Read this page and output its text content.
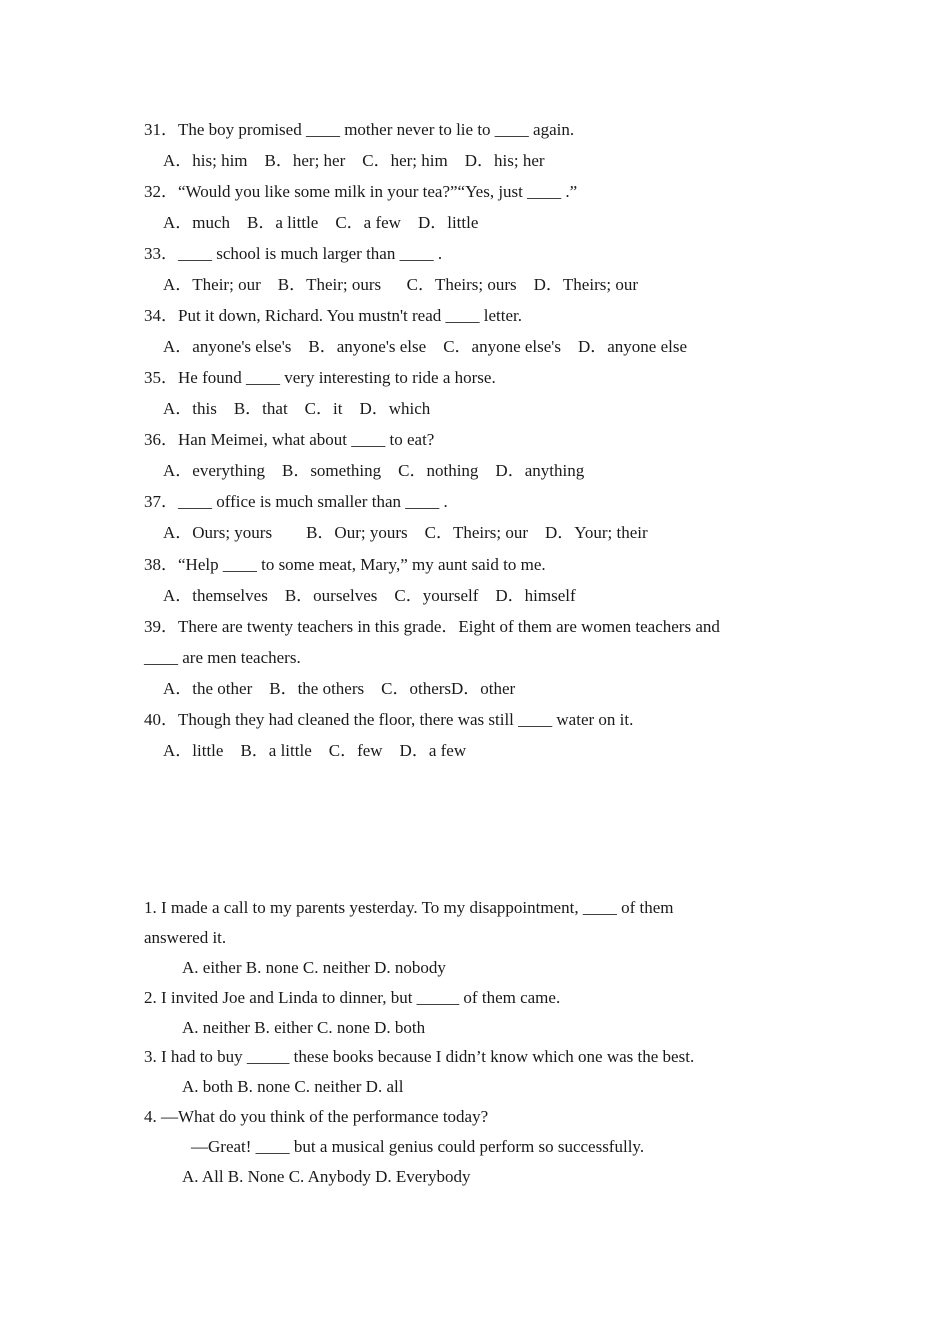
31．The boy promised ____ mother never to lie to ____ again.

A．his; him    B．her; her    C．her; him    D．his; her

32．“Would you like some milk in your tea?”“Yes, just ____ .”

A．much    B．a little    C．a few    D．little

33．____ school is much larger than ____ .

A．Their; our    B．Their; ours      C．Theirs; ours    D．Theirs; our

34．Put it down, Richard. You mustn't read ____ letter.

A．anyone's else's    B．anyone's else    C．anyone else's    D．anyone else

35．He found ____ very interesting to ride a horse.

A．this    B．that    C．it    D．which

36．Han Meimei, what about ____ to eat?

A．everything    B．something    C．nothing    D．anything

37．____ office is much smaller than ____ .

A．Ours; yours        B．Our; yours    C．Theirs; our    D．Your; their

38．“Help ____ to some meat, Mary,” my aunt said to me.

A．themselves    B．ourselves    C．yourself    D．himself

39．There are twenty teachers in this grade．Eight of them are women teachers and

____ are men teachers.

A．the other    B．the others    C．othersD．other

40．Though they had cleaned the floor, there was still ____ water on it.

A．little    B．a little    C．few    D．a few

1. I made a call to my parents yesterday. To my disappointment, ____ of them

answered it.

A. either B. none C. neither D. nobody

2. I invited Joe and Linda to dinner, but _____ of them came.

A. neither B. either C. none D. both

3. I had to buy _____ these books because I didn’t know which one was the best.

A. both B. none C. neither D. all

4. —What do you think of the performance today?

—Great! ____ but a musical genius could perform so successfully.

A. All B. None C. Anybody D. Everybody
